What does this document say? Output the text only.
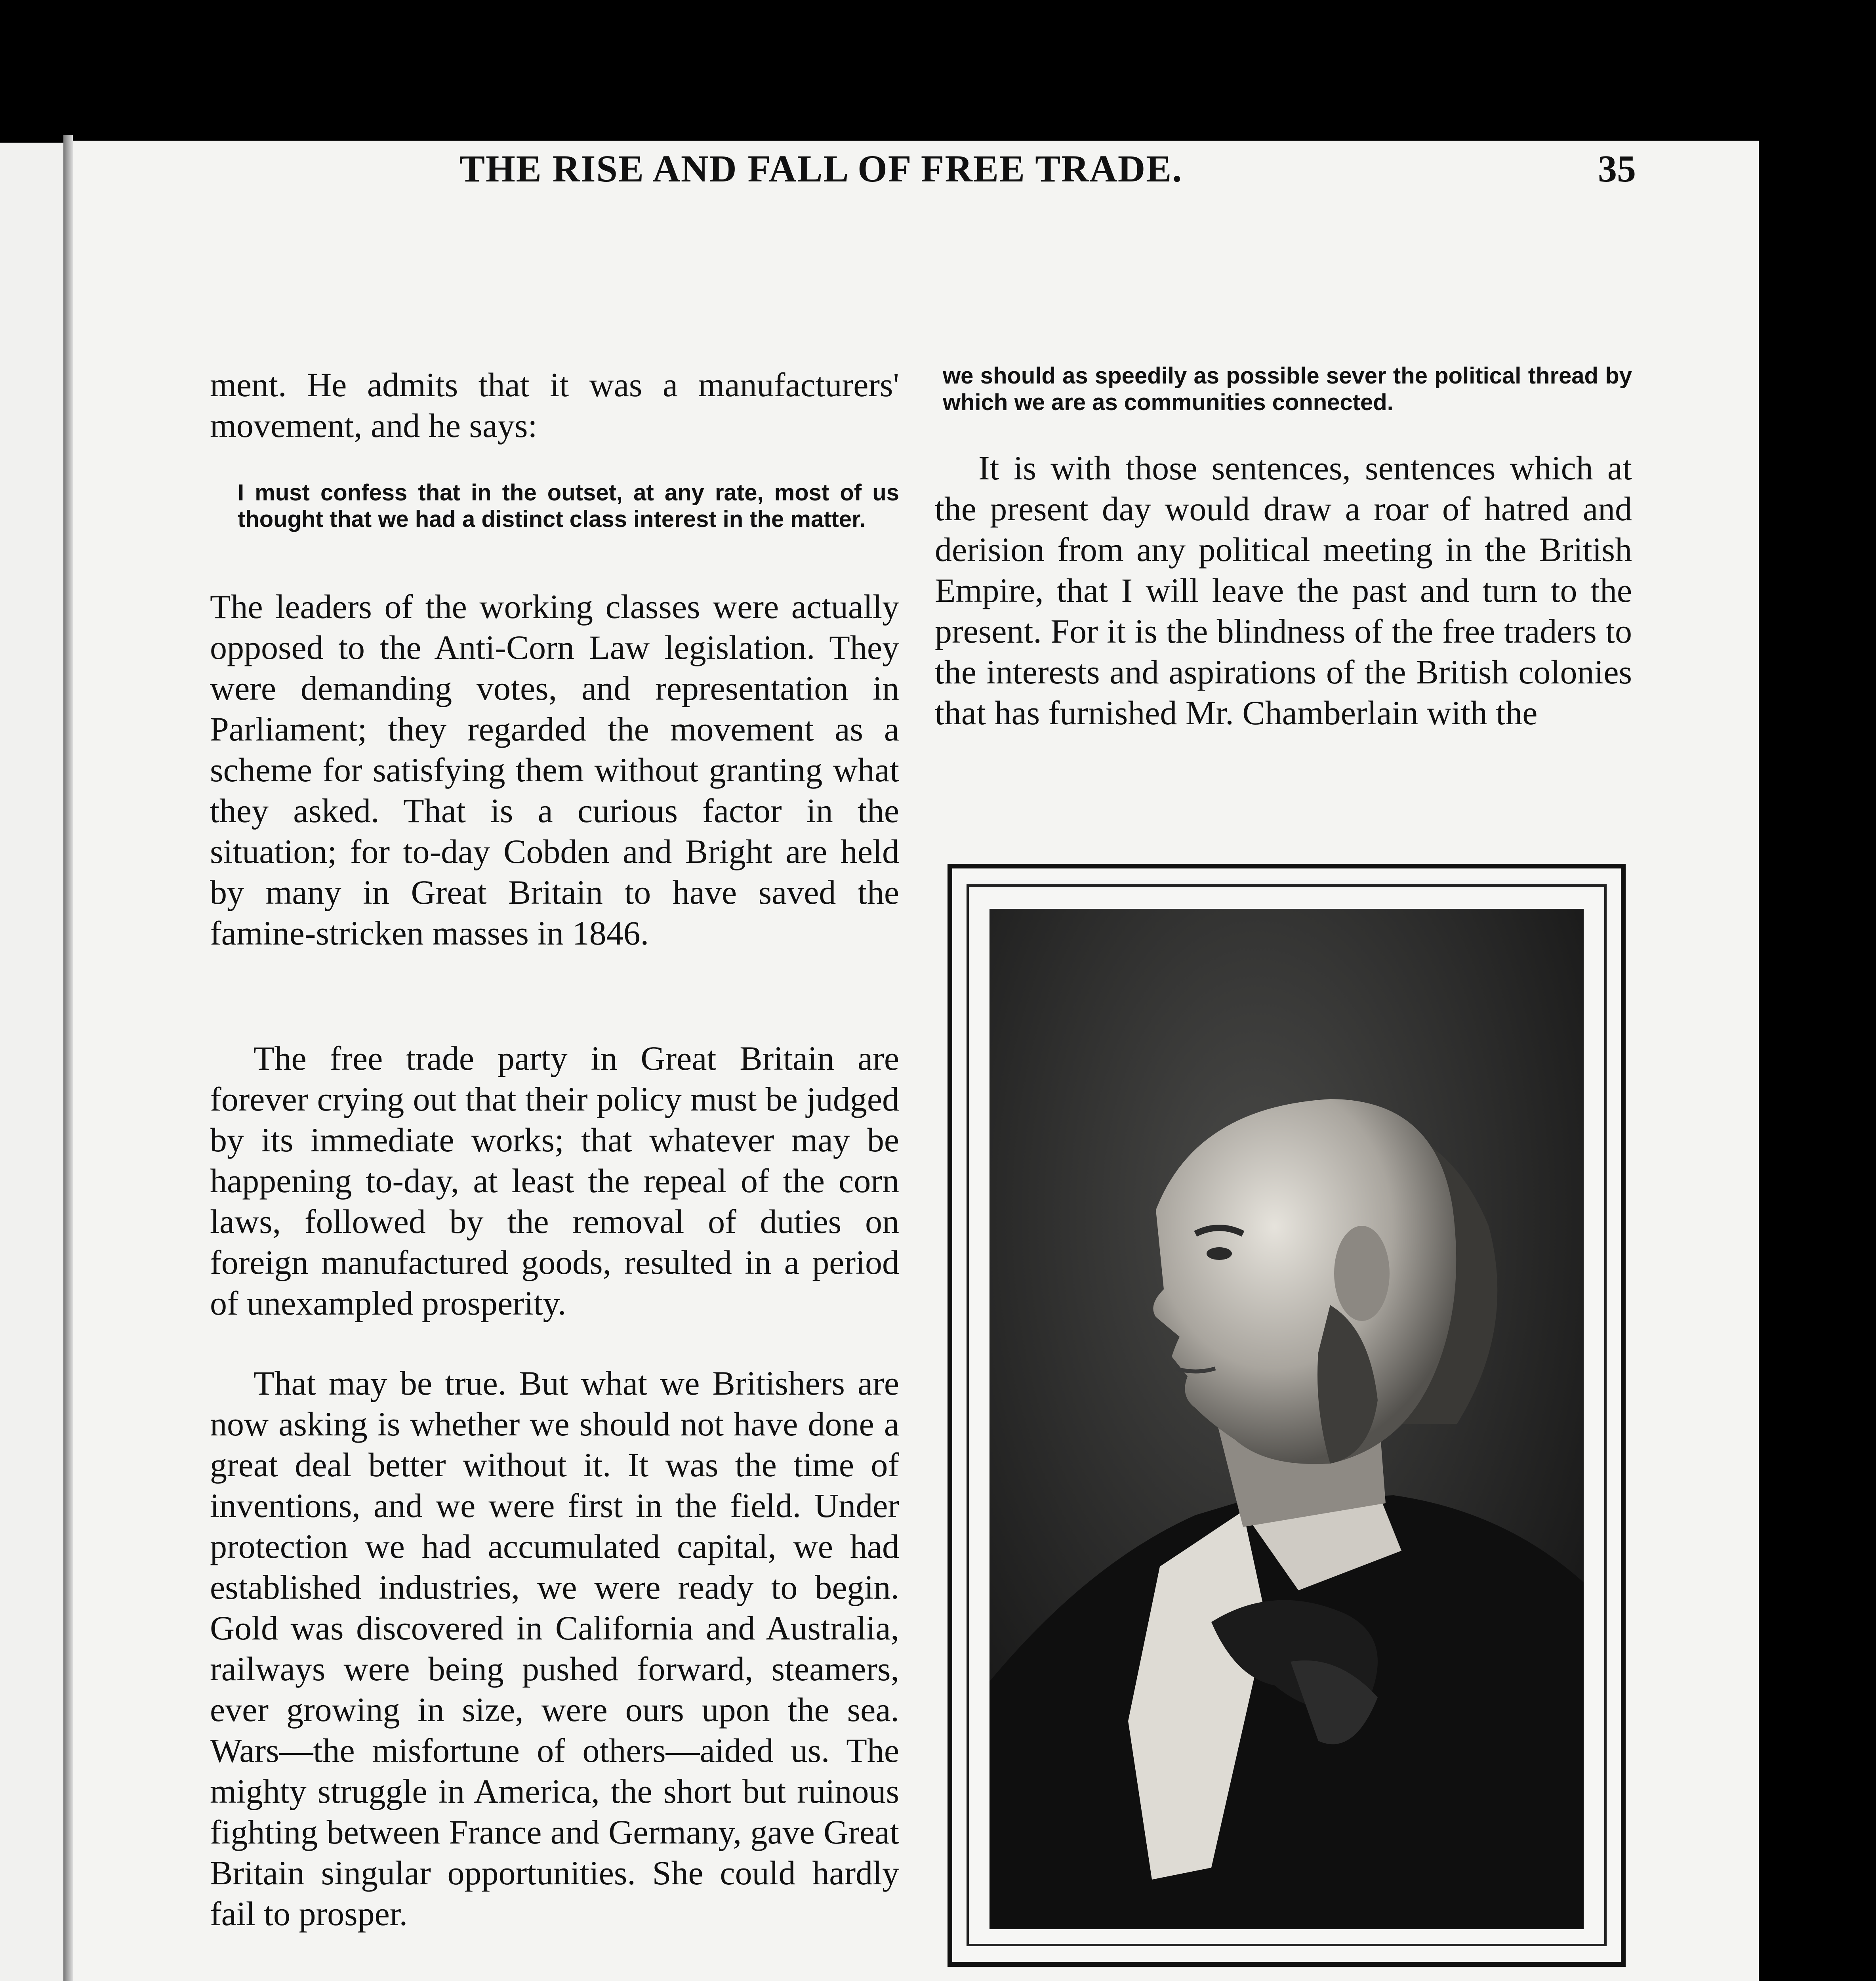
THE RISE AND FALL OF FREE TRADE.	35

ment. He admits that it was a manufacturers' movement, and he says:

I must confess that in the outset, at any rate, most of us thought that we had a distinct class interest in the matter.

The leaders of the working classes were actually opposed to the Anti-Corn Law legislation. They were demanding votes, and representation in Parliament; they regarded the movement as a scheme for satisfying them without granting what they asked. That is a curious factor in the situation; for to-day Cobden and Bright are held by many in Great Britain to have saved the famine-stricken masses in 1846.

The free trade party in Great Britain are forever crying out that their policy must be judged by its immediate works; that whatever may be happening to-day, at least the repeal of the corn laws, followed by the removal of duties on foreign manufactured goods, resulted in a period of unexampled prosperity.

That may be true. But what we Britishers are now asking is whether we should not have done a great deal better without it. It was the time of inventions, and we were first in the field. Under protection we had accumulated capital, we had established industries, we were ready to begin. Gold was discovered in California and Australia, railways were being pushed forward, steamers, ever growing in size, were ours upon the sea. Wars—the misfortune of others—aided us. The mighty struggle in America, the short but ruinous fighting between France and Germany, gave Great Britain singular opportunities. She could hardly fail to prosper.

we should as speedily as possible sever the political thread by which we are as communities connected.

It is with those sentences, sentences which at the present day would draw a roar of hatred and derision from any political meeting in the British Empire, that I will leave the past and turn to the present. For it is the blindness of the free traders to the interests and aspirations of the British colonies that has furnished Mr. Chamberlain with the
